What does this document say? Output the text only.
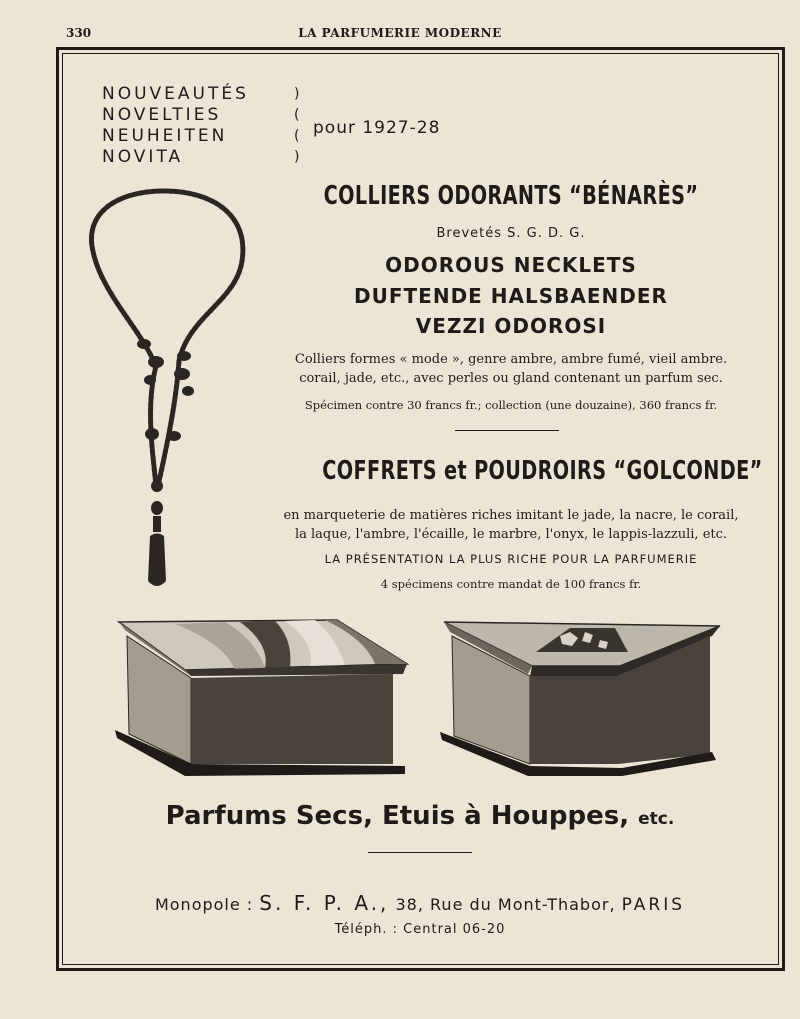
330	LA PARFUMERIE MODERNE
NOUVEAUTÉS
NOVELTIES
NEUHEITEN
NOVITA
)
(
(
)
pour 1927-28
COLLIERS ODORANTS “BÉNARÈS”
Brevetés S. G. D. G.
ODOROUS NECKLETS
DUFTENDE HALSBAENDER
VEZZI ODOROSI
Colliers formes « mode », genre ambre, ambre fumé, vieil ambre.
corail, jade, etc., avec perles ou gland contenant un parfum sec.
Spécimen contre 30 francs fr.; collection (une douzaine), 360 francs fr.
COFFRETS et POUDROIRS “GOLCONDE”
en marqueterie de matières riches imitant le jade, la nacre, le corail,
la laque, l'ambre, l'écaille, le marbre, l'onyx, le lappis-lazzuli, etc.
LA PRÉSENTATION LA PLUS RICHE POUR LA PARFUMERIE
4 spécimens contre mandat de 100 francs fr.
Parfums Secs, Etuis à Houppes, etc.
Monopole : S. F. P. A., 38, Rue du Mont-Thabor, PARIS
Téléph. : Central 06-20
